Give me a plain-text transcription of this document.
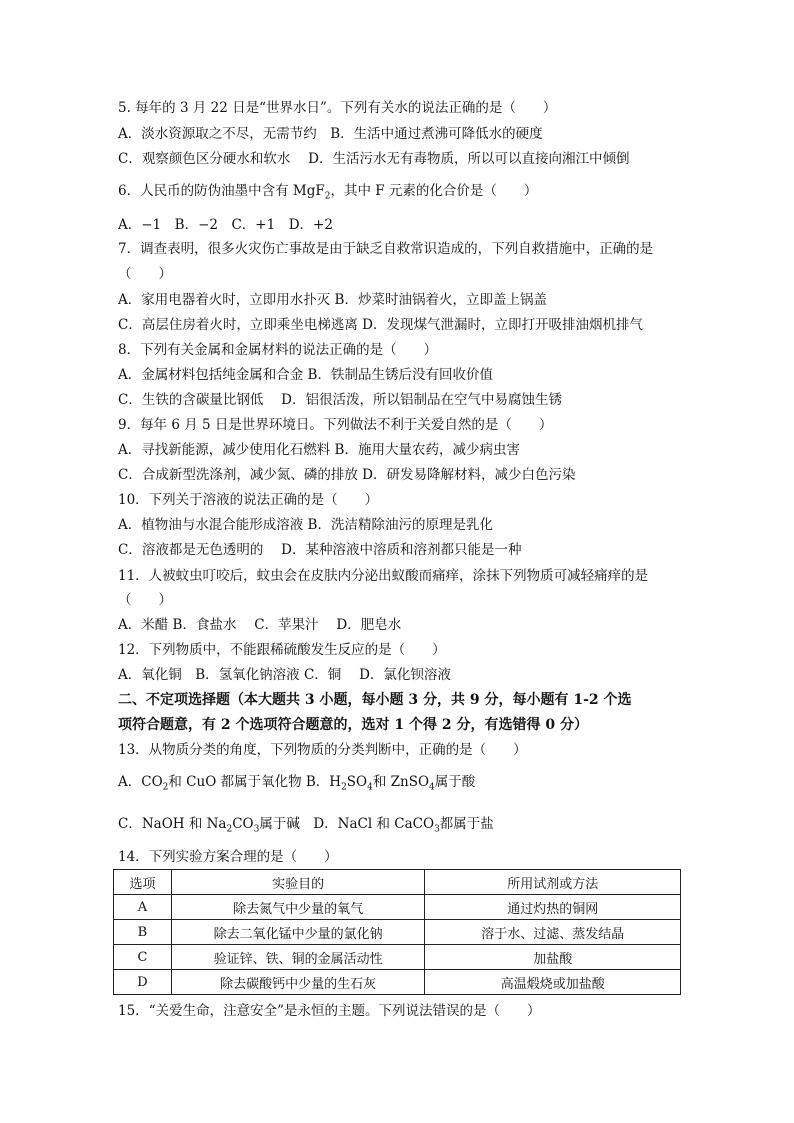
5. 每年的 3 月 22 日是“世界水日”。下列有关水的说法正确的是（　　）
A．淡水资源取之不尽，无需节约　B．生活中通过煮沸可降低水的硬度
C．观察颜色区分硬水和软水　 D．生活污水无有毒物质，所以可以直接向湘江中倾倒
6．人民币的防伪油墨中含有 MgF$_2$，其中 F 元素的化合价是（　　）
A．−1　B．−2　C．+1　D．+2
7．调查表明，很多火灾伤亡事故是由于缺乏自救常识造成的，下列自救措施中，正确的是
（　　）
A．家用电器着火时，立即用水扑灭 B．炒菜时油锅着火，立即盖上锅盖
C．高层住房着火时，立即乘坐电梯逃离 D．发现煤气泄漏时，立即打开吸排油烟机排气
8．下列有关金属和金属材料的说法正确的是（　　）
A．金属材料包括纯金属和合金 B．铁制品生锈后没有回收价值
C．生铁的含碳量比钢低　 D．铝很活泼，所以铝制品在空气中易腐蚀生锈
9．每年 6 月 5 日是世界环境日。下列做法不利于关爱自然的是（　　）
A．寻找新能源，减少使用化石燃料 B．施用大量农药，减少病虫害
C．合成新型洗涤剂，减少氮、磷的排放 D．研发易降解材料，减少白色污染
10．下列关于溶液的说法正确的是（　　）
A．植物油与水混合能形成溶液 B．洗洁精除油污的原理是乳化
C．溶液都是无色透明的　 D．某种溶液中溶质和溶剂都只能是一种
11．人被蚊虫叮咬后，蚊虫会在皮肤内分泌出蚁酸而痛痒，涂抹下列物质可减轻痛痒的是
（　　）
A．米醋 B．食盐水　 C．苹果汁　 D．肥皂水
12．下列物质中，不能跟稀硫酸发生反应的是（　　）
A．氧化铜　B．氢氧化钠溶液 C．铜　 D．氯化钡溶液
二、不定项选择题（本大题共 3 小题，每小题 3 分，共 9 分，每小题有 1-2 个选
项符合题意，有 2 个选项符合题意的，选对 1 个得 2 分，有选错得 0 分）
13．从物质分类的角度，下列物质的分类判断中，正确的是（　　）
A．$CO_2$和 CuO 都属于氧化物 B．$H_2SO_4$和 ZnSO$_4$属于酸
C．NaOH 和 $Na_2CO_3$属于碱　D．NaCl 和 CaCO$_3$都属于盐
14．下列实验方案合理的是（　　）
选项	实验目的	所用试剂或方法
A	除去氮气中少量的氧气	通过灼热的铜网
B	除去二氧化锰中少量的氯化钠	溶于水、过滤、蒸发结晶
C	验证锌、铁、铜的金属活动性	加盐酸
D	除去碳酸钙中少量的生石灰	高温煅烧或加盐酸
15．“关爱生命，注意安全”是永恒的主题。下列说法错误的是（　　）
